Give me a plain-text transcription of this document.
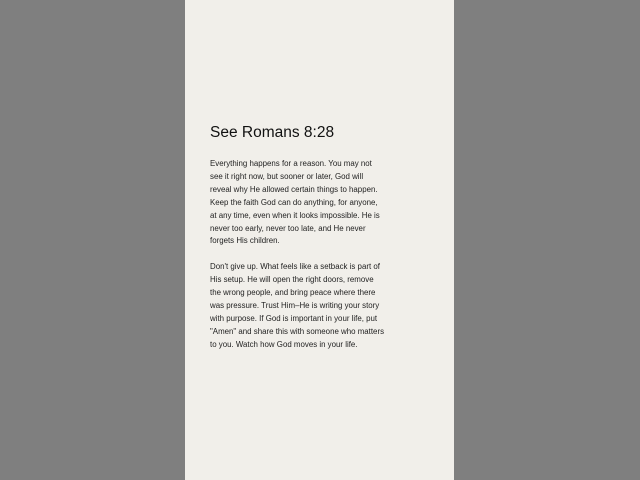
See Romans 8:28

Everything happens for a reason. You may not see it right now, but sooner or later, God will reveal why He allowed certain things to happen. Keep the faith God can do anything, for anyone, at any time, even when it looks impossible. He is never too early, never too late, and He never forgets His children.

Don't give up. What feels like a setback is part of His setup. He will open the right doors, remove the wrong people, and bring peace where there was pressure. Trust Him–He is writing your story with purpose. If God is important in your life, put "Amen" and share this with someone who matters to you. Watch how God moves in your life.
